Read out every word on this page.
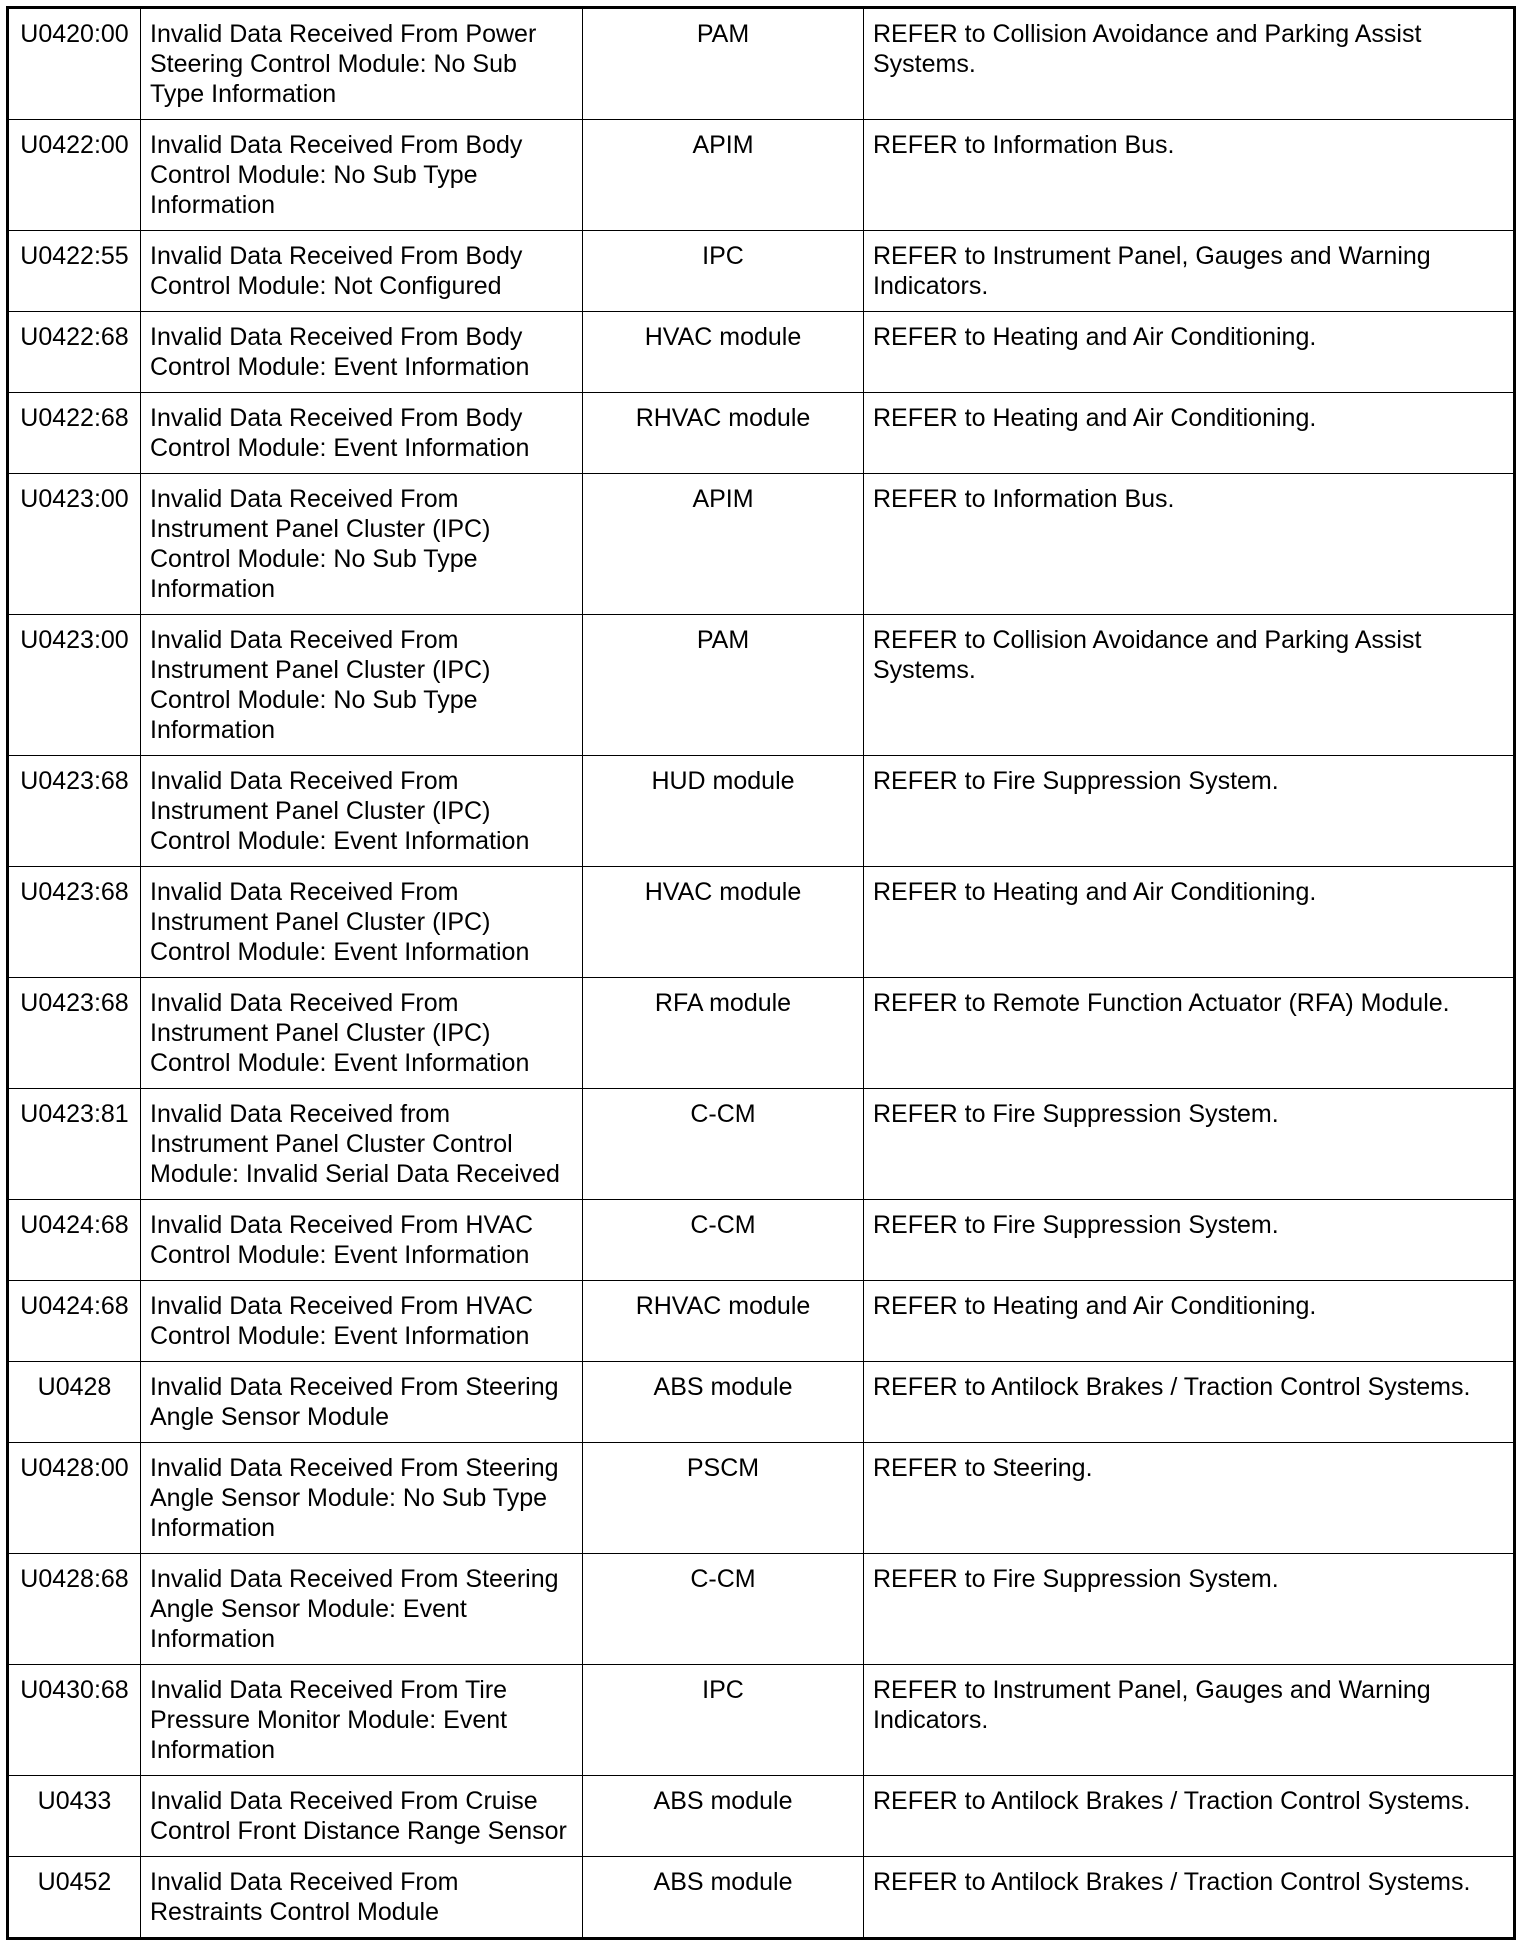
U0420:00	Invalid Data Received From Power Steering Control Module: No Sub Type Information	PAM	REFER to Collision Avoidance and Parking Assist Systems.
U0422:00	Invalid Data Received From Body Control Module: No Sub Type Information	APIM	REFER to Information Bus.
U0422:55	Invalid Data Received From Body Control Module: Not Configured	IPC	REFER to Instrument Panel, Gauges and Warning Indicators.
U0422:68	Invalid Data Received From Body Control Module: Event Information	HVAC module	REFER to Heating and Air Conditioning.
U0422:68	Invalid Data Received From Body Control Module: Event Information	RHVAC module	REFER to Heating and Air Conditioning.
U0423:00	Invalid Data Received From Instrument Panel Cluster (IPC) Control Module: No Sub Type Information	APIM	REFER to Information Bus.
U0423:00	Invalid Data Received From Instrument Panel Cluster (IPC) Control Module: No Sub Type Information	PAM	REFER to Collision Avoidance and Parking Assist Systems.
U0423:68	Invalid Data Received From Instrument Panel Cluster (IPC) Control Module: Event Information	HUD module	REFER to Fire Suppression System.
U0423:68	Invalid Data Received From Instrument Panel Cluster (IPC) Control Module: Event Information	HVAC module	REFER to Heating and Air Conditioning.
U0423:68	Invalid Data Received From Instrument Panel Cluster (IPC) Control Module: Event Information	RFA module	REFER to Remote Function Actuator (RFA) Module.
U0423:81	Invalid Data Received from Instrument Panel Cluster Control Module: Invalid Serial Data Received	C-CM	REFER to Fire Suppression System.
U0424:68	Invalid Data Received From HVAC Control Module: Event Information	C-CM	REFER to Fire Suppression System.
U0424:68	Invalid Data Received From HVAC Control Module: Event Information	RHVAC module	REFER to Heating and Air Conditioning.
U0428	Invalid Data Received From Steering Angle Sensor Module	ABS module	REFER to Antilock Brakes / Traction Control Systems.
U0428:00	Invalid Data Received From Steering Angle Sensor Module: No Sub Type Information	PSCM	REFER to Steering.
U0428:68	Invalid Data Received From Steering Angle Sensor Module: Event Information	C-CM	REFER to Fire Suppression System.
U0430:68	Invalid Data Received From Tire Pressure Monitor Module: Event Information	IPC	REFER to Instrument Panel, Gauges and Warning Indicators.
U0433	Invalid Data Received From Cruise Control Front Distance Range Sensor	ABS module	REFER to Antilock Brakes / Traction Control Systems.
U0452	Invalid Data Received From Restraints Control Module	ABS module	REFER to Antilock Brakes / Traction Control Systems.
